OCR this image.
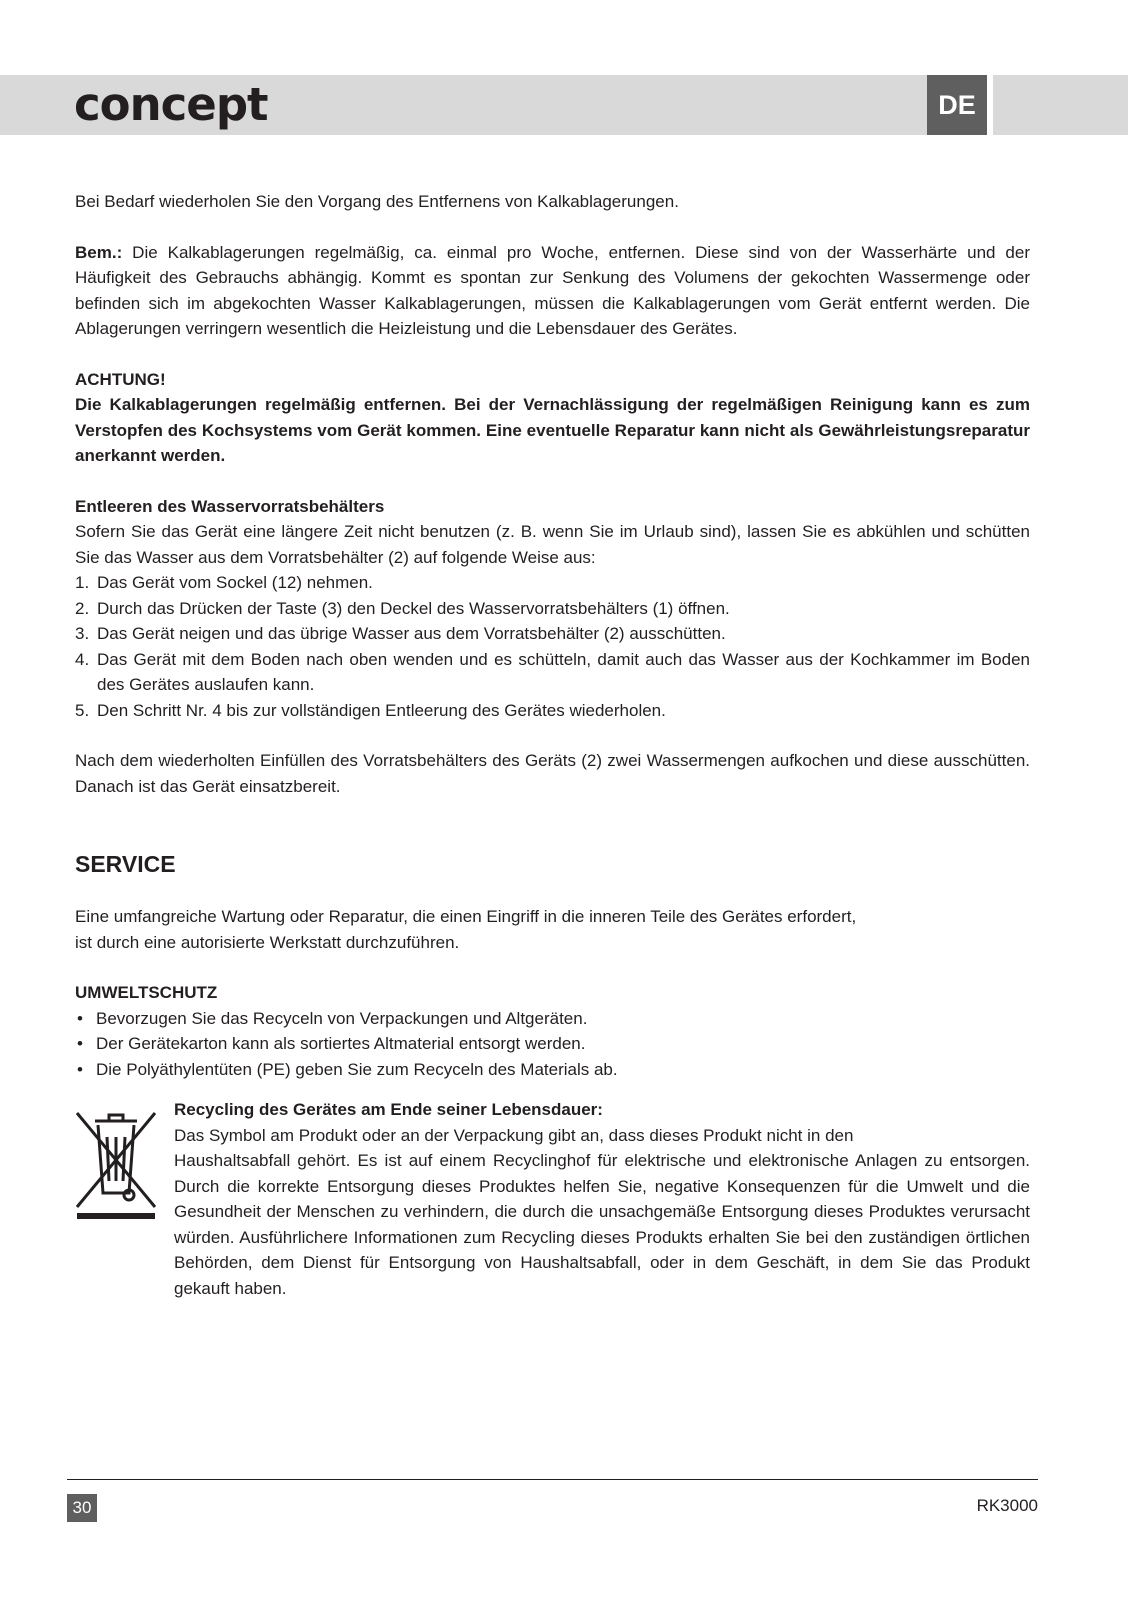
concept	DE

Bei Bedarf wiederholen Sie den Vorgang des Entfernens von Kalkablagerungen.

Bem.: Die Kalkablagerungen regelmäßig, ca. einmal pro Woche, entfernen. Diese sind von der Wasserhärte und der Häufigkeit des Gebrauchs abhängig. Kommt es spontan zur Senkung des Volumens der gekochten Wassermenge oder befinden sich im abgekochten Wasser Kalkablagerungen, müssen die Kalkablagerungen vom Gerät entfernt werden. Die Ablagerungen verringern wesentlich die Heizleistung und die Lebensdauer des Gerätes.

ACHTUNG!

Die Kalkablagerungen regelmäßig entfernen. Bei der Vernachlässigung der regelmäßigen Reinigung kann es zum Verstopfen des Kochsystems vom Gerät kommen. Eine eventuelle Reparatur kann nicht als Gewährleistungsreparatur anerkannt werden.

Entleeren des Wasservorratsbehälters

Sofern Sie das Gerät eine längere Zeit nicht benutzen (z. B. wenn Sie im Urlaub sind), lassen Sie es abkühlen und schütten Sie das Wasser aus dem Vorratsbehälter (2) auf folgende Weise aus:

1. Das Gerät vom Sockel (12) nehmen.
2. Durch das Drücken der Taste (3) den Deckel des Wasservorratsbehälters (1) öffnen.
3. Das Gerät neigen und das übrige Wasser aus dem Vorratsbehälter (2) ausschütten.
4. Das Gerät mit dem Boden nach oben wenden und es schütteln, damit auch das Wasser aus der Kochkammer im Boden des Gerätes auslaufen kann.
5. Den Schritt Nr. 4 bis zur vollständigen Entleerung des Gerätes wiederholen.

Nach dem wiederholten Einfüllen des Vorratsbehälters des Geräts (2) zwei Wassermengen aufkochen und diese ausschütten. Danach ist das Gerät einsatzbereit.

SERVICE

Eine umfangreiche Wartung oder Reparatur, die einen Eingriff in die inneren Teile des Gerätes erfordert,

ist durch eine autorisierte Werkstatt durchzuführen.

UMWELTSCHUTZ

• Bevorzugen Sie das Recyceln von Verpackungen und Altgeräten.
• Der Gerätekarton kann als sortiertes Altmaterial entsorgt werden.
• Die Polyäthylentüten (PE) geben Sie zum Recyceln des Materials ab.

Recycling des Gerätes am Ende seiner Lebensdauer:

Das Symbol am Produkt oder an der Verpackung gibt an, dass dieses Produkt nicht in den

Haushaltsabfall gehört. Es ist auf einem Recyclinghof für elektrische und elektronische Anlagen zu entsorgen. Durch die korrekte Entsorgung dieses Produktes helfen Sie, negative Konsequenzen für die Umwelt und die Gesundheit der Menschen zu verhindern, die durch die unsachgemäße Entsorgung dieses Produktes verursacht würden. Ausführlichere Informationen zum Recycling dieses Produkts erhalten Sie bei den zuständigen örtlichen Behörden, dem Dienst für Entsorgung von Haushaltsabfall, oder in dem Geschäft, in dem Sie das Produkt gekauft haben.

30	RK3000
